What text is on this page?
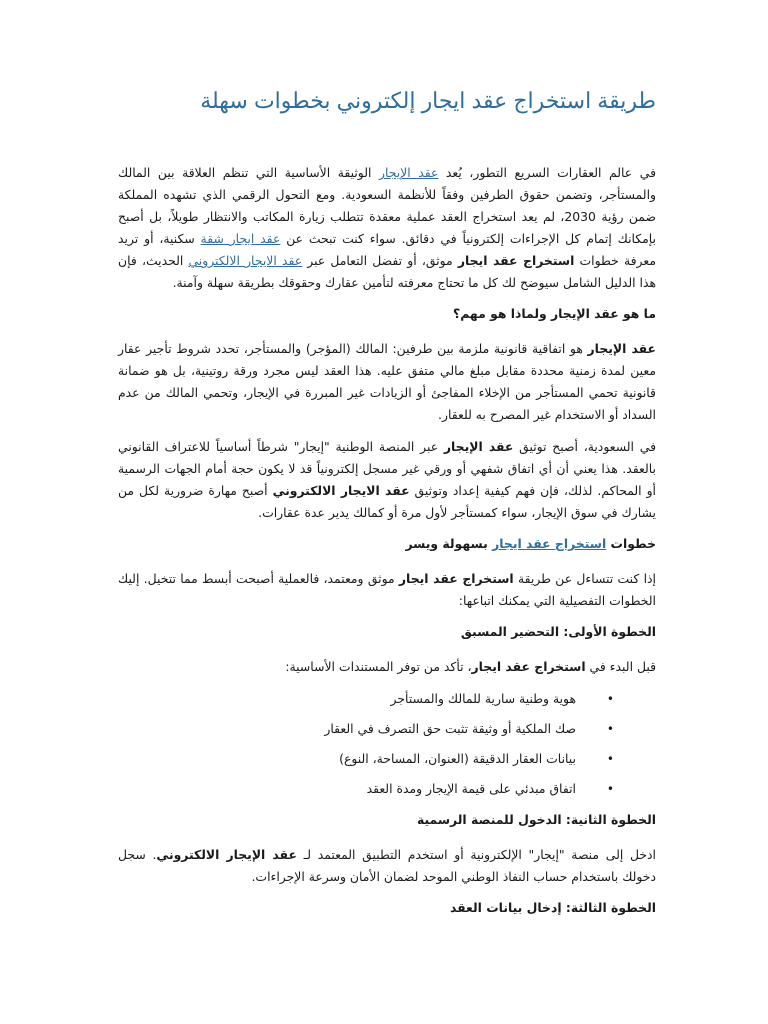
طريقة استخراج عقد ايجار إلكتروني بخطوات سهلة

في عالم العقارات السريع التطور، يُعد عقد الإيجار الوثيقة الأساسية التي تنظم العلاقة بين المالك والمستأجر، وتضمن حقوق الطرفين وفقاً للأنظمة السعودية. ومع التحول الرقمي الذي تشهده المملكة ضمن رؤية 2030، لم يعد استخراج العقد عملية معقدة تتطلب زيارة المكاتب والانتظار طويلاً، بل أصبح بإمكانك إتمام كل الإجراءات إلكترونياً في دقائق. سواء كنت تبحث عن عقد ايجار شقة سكنية، أو تريد معرفة خطوات استخراج عقد ايجار موثق، أو تفضل التعامل عبر عقد الايجار الالكتروني الحديث، فإن هذا الدليل الشامل سيوضح لك كل ما تحتاج معرفته لتأمين عقارك وحقوقك بطريقة سهلة وآمنة.

ما هو عقد الإيجار ولماذا هو مهم؟

عقد الإيجار هو اتفاقية قانونية ملزمة بين طرفين: المالك (المؤجر) والمستأجر، تحدد شروط تأجير عقار معين لمدة زمنية محددة مقابل مبلغ مالي متفق عليه. هذا العقد ليس مجرد ورقة روتينية، بل هو ضمانة قانونية تحمي المستأجر من الإخلاء المفاجئ أو الزيادات غير المبررة في الإيجار، وتحمي المالك من عدم السداد أو الاستخدام غير المصرح به للعقار.

في السعودية، أصبح توثيق عقد الإيجار عبر المنصة الوطنية "إيجار" شرطاً أساسياً للاعتراف القانوني بالعقد. هذا يعني أن أي اتفاق شفهي أو ورقي غير مسجل إلكترونياً قد لا يكون حجة أمام الجهات الرسمية أو المحاكم. لذلك، فإن فهم كيفية إعداد وتوثيق عقد الايجار الالكتروني أصبح مهارة ضرورية لكل من يشارك في سوق الإيجار، سواء كمستأجر لأول مرة أو كمالك يدير عدة عقارات.

خطوات استخراج عقد ايجار بسهولة ويسر

إذا كنت تتساءل عن طريقة استخراج عقد ايجار موثق ومعتمد، فالعملية أصبحت أبسط مما تتخيل. إليك الخطوات التفصيلية التي يمكنك اتباعها:

الخطوة الأولى: التحضير المسبق

قبل البدء في استخراج عقد ايجار، تأكد من توفر المستندات الأساسية:

•
هوية وطنية سارية للمالك والمستأجر
•
صك الملكية أو وثيقة تثبت حق التصرف في العقار
•
بيانات العقار الدقيقة (العنوان، المساحة، النوع)
•
اتفاق مبدئي على قيمة الإيجار ومدة العقد
الخطوة الثانية: الدخول للمنصة الرسمية

ادخل إلى منصة "إيجار" الإلكترونية أو استخدم التطبيق المعتمد لـ عقد الإيجار الالكتروني. سجل دخولك باستخدام حساب النفاذ الوطني الموحد لضمان الأمان وسرعة الإجراءات.

الخطوة الثالثة: إدخال بيانات العقد
